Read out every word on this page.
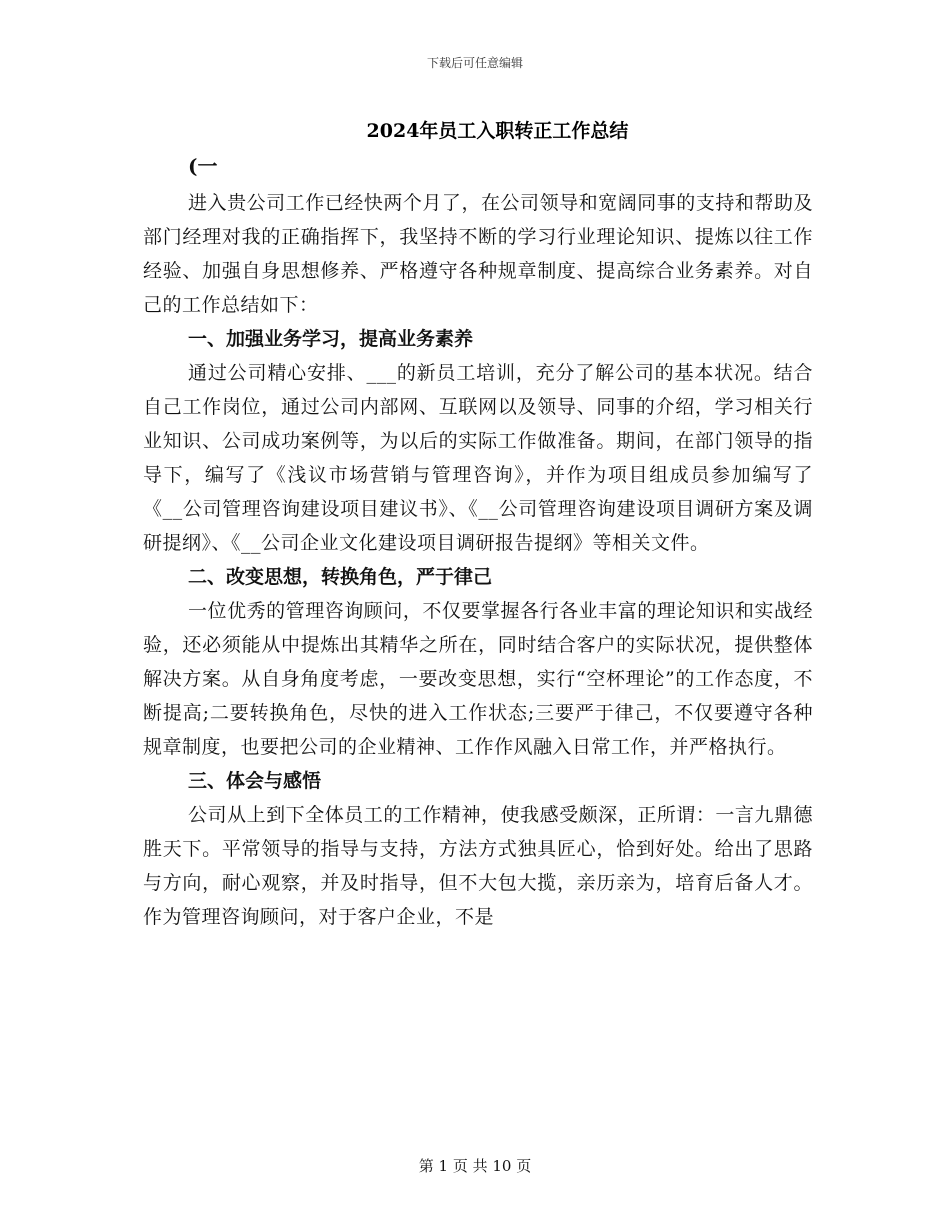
下载后可任意编辑
2024年员工入职转正工作总结
(一

进入贵公司工作已经快两个月了，在公司领导和宽阔同事的支持和帮助及部门经理对我的正确指挥下，我坚持不断的学习行业理论知识、提炼以往工作经验、加强自身思想修养、严格遵守各种规章制度、提高综合业务素养。对自己的工作总结如下：

一、加强业务学习，提高业务素养

通过公司精心安排、___的新员工培训，充分了解公司的基本状况。结合自己工作岗位，通过公司内部网、互联网以及领导、同事的介绍，学习相关行业知识、公司成功案例等，为以后的实际工作做准备。期间，在部门领导的指导下，编写了《浅议市场营销与管理咨询》，并作为项目组成员参加编写了《__公司管理咨询建设项目建议书》、《__公司管理咨询建设项目调研方案及调研提纲》、《__公司企业文化建设项目调研报告提纲》等相关文件。

二、改变思想，转换角色，严于律己

一位优秀的管理咨询顾问，不仅要掌握各行各业丰富的理论知识和实战经验，还必须能从中提炼出其精华之所在，同时结合客户的实际状况，提供整体解决方案。从自身角度考虑，一要改变思想，实行“空杯理论”的工作态度，不断提高;二要转换角色，尽快的进入工作状态;三要严于律己，不仅要遵守各种规章制度，也要把公司的企业精神、工作作风融入日常工作，并严格执行。

三、体会与感悟

公司从上到下全体员工的工作精神，使我感受颇深，正所谓：一言九鼎德胜天下。平常领导的指导与支持，方法方式独具匠心，恰到好处。给出了思路与方向，耐心观察，并及时指导，但不大包大揽，亲历亲为，培育后备人才。作为管理咨询顾问，对于客户企业，不是

第 1 页 共 10 页
